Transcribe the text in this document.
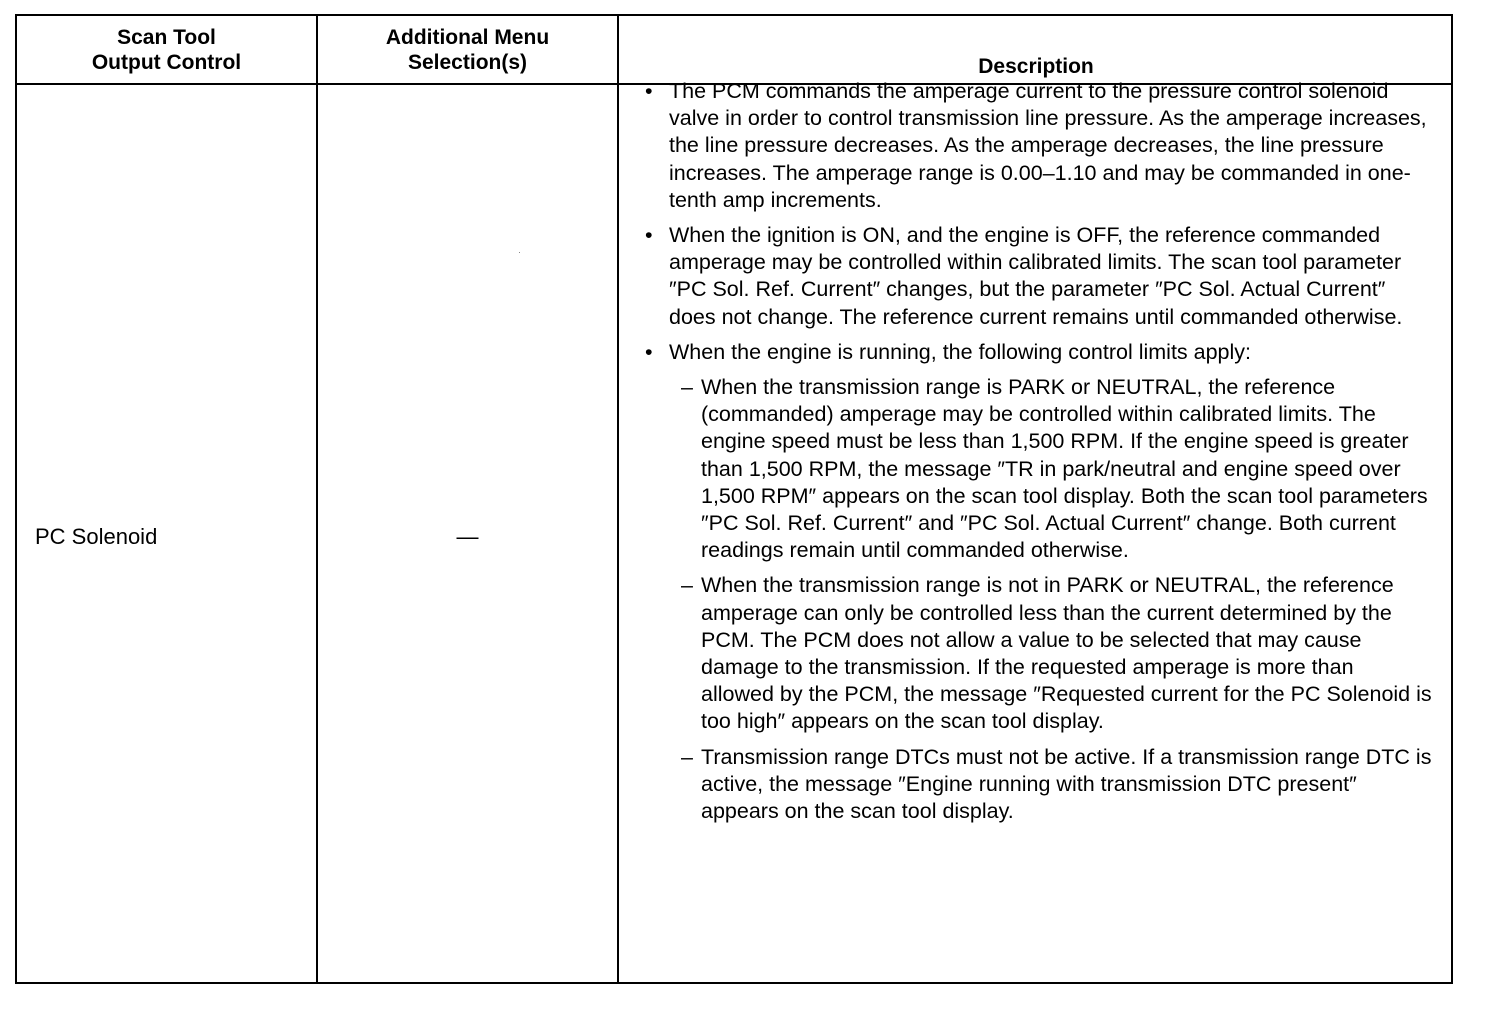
Scan Tool
Output Control
Additional Menu
Selection(s)	Description
PC Solenoid	—
• The PCM commands the amperage current to the pressure control solenoid valve in order to control transmission line pressure. As the amperage increases, the line pressure decreases. As the amperage decreases, the line pressure increases. The amperage range is 0.00–1.10 and may be commanded in one-tenth amp increments.
• When the ignition is ON, and the engine is OFF, the reference commanded amperage may be controlled within calibrated limits. The scan tool parameter ″PC Sol. Ref. Current″ changes, but the parameter ″PC Sol. Actual Current″ does not change. The reference current remains until commanded otherwise.
• When the engine is running, the following control limits apply:
– When the transmission range is PARK or NEUTRAL, the reference (commanded) amperage may be controlled within calibrated limits. The engine speed must be less than 1,500 RPM. If the engine speed is greater than 1,500 RPM, the message ″TR in park/neutral and engine speed over 1,500 RPM″ appears on the scan tool display. Both the scan tool parameters ″PC Sol. Ref. Current″ and ″PC Sol. Actual Current″ change. Both current readings remain until commanded otherwise.
– When the transmission range is not in PARK or NEUTRAL, the reference amperage can only be controlled less than the current determined by the PCM. The PCM does not allow a value to be selected that may cause damage to the transmission. If the requested amperage is more than allowed by the PCM, the message ″Requested current for the PC Solenoid is too high″ appears on the scan tool display.
– Transmission range DTCs must not be active. If a transmission range DTC is active, the message ″Engine running with transmission DTC present″ appears on the scan tool display.
